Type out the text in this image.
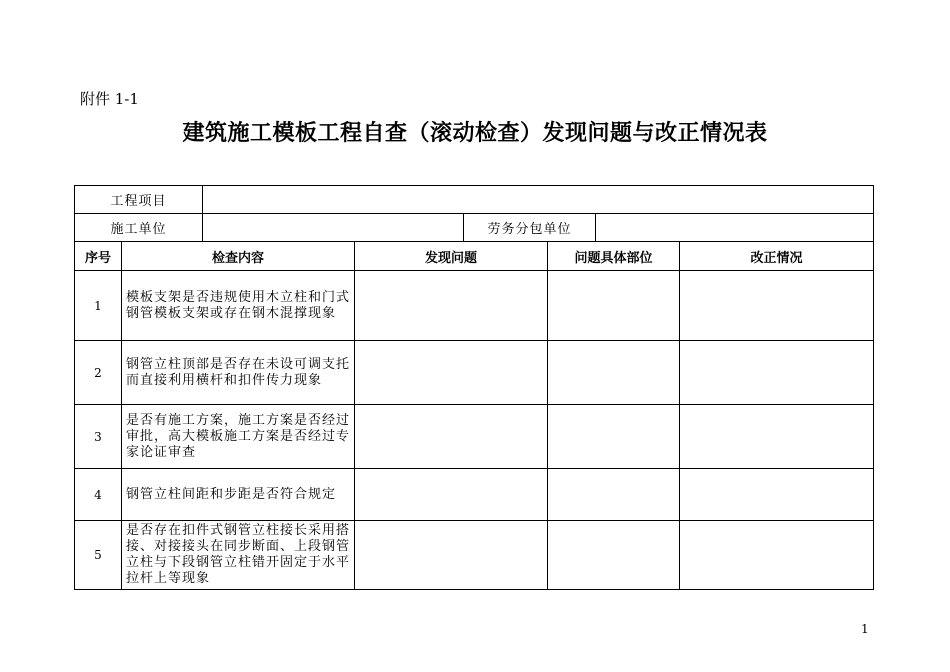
附件 1-1
建筑施工模板工程自查（滚动检查）发现问题与改正情况表
工程项目							
施工单位				劳务分包单位			
序号	检查内容		发现问题		问题具体部位		改正情况
1	模板支架是否违规使用木立柱和门式钢管模板支架或存在钢木混撑现象						
2	钢管立柱顶部是否存在未设可调支托而直接利用横杆和扣件传力现象						
3	是否有施工方案，施工方案是否经过审批，高大模板施工方案是否经过专家论证审查						
4	钢管立柱间距和步距是否符合规定						
5	是否存在扣件式钢管立柱接长采用搭接、对接接头在同步断面、上段钢管立柱与下段钢管立柱错开固定于水平拉杆上等现象						
1
